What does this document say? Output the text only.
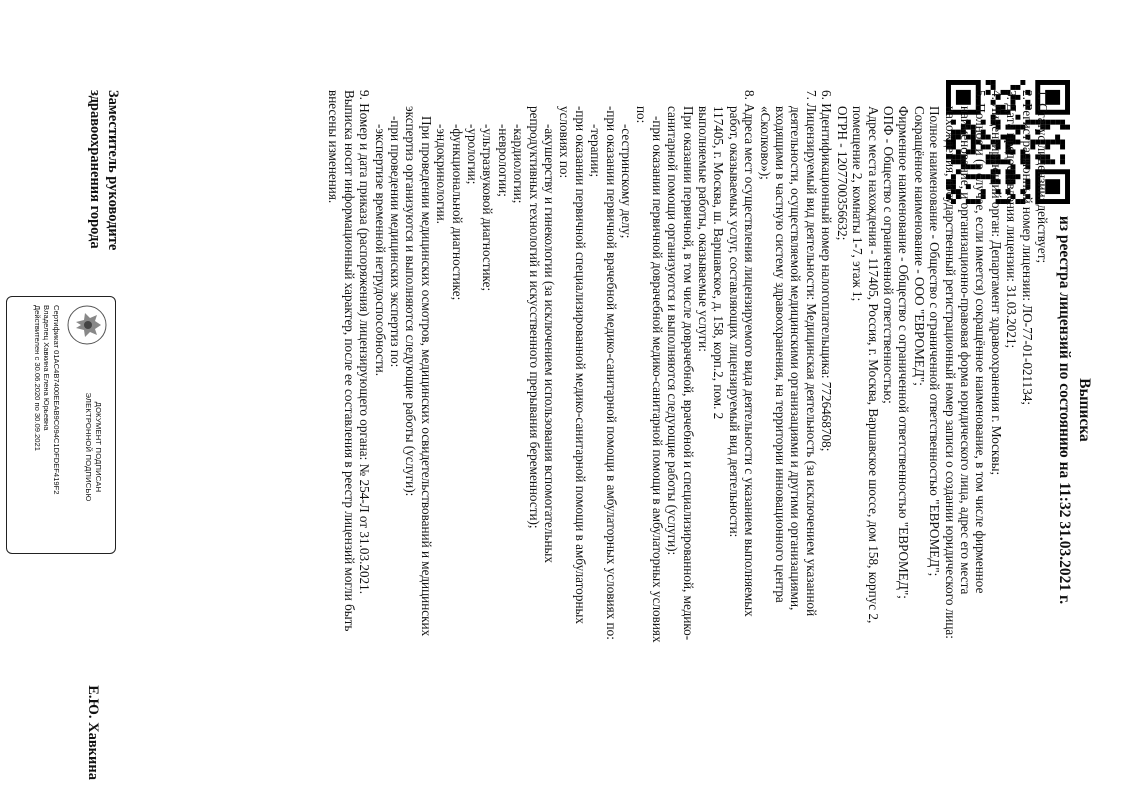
Выписка
из реестра лицензий по состоянию на 11:32 31.03.2021 г.

1. Статус лицензии: действует;

2. Регистрационный номер лицензии: ЛО-77-01-021134;

3. Дата предоставления лицензии: 31.03.2021;

4. Лицензирующий орган: Департамент здравоохранения г. Москвы;

5. Полное и (в случае, если имеется) сокращённое наименование, в том числе фирменное

наименование, и организационно-правовая форма юридического лица, адрес его места

нахождения, государственный регистрационный номер записи о создании юридического лица:

Полное наименование - Общество с ограниченной ответственностью "ЕВРОМЕД";

Сокращённое наименование - ООО "ЕВРОМЕД";

Фирменное наименование - Общество с ограниченной ответственностью "ЕВРОМЕД";

ОПФ - Общество с ограниченной ответственностью;

Адрес места нахождения - 117405, Россия, г. Москва, Варшавское шоссе, дом 158, корпус 2,

помещение 2, комнаты 1-7, этаж 1;

ОГРН - 1207700356632;

6. Идентификационный номер налогоплательщика: 7726468708;

7. Лицензируемый вид деятельности: Медицинская деятельность (за исключением указанной

деятельности, осуществляемой медицинскими организациями и другими организациями,

входящими в частную систему здравоохранения, на территории инновационного центра

«Сколково»);

8. Адреса мест осуществления лицензируемого вида деятельности с указанием выполняемых

работ, оказываемых услуг, составляющих лицензируемый вид деятельности:

117405, г. Москва, ш. Варшавское, д. 158, корп.2, пом. 2

выполняемые работы, оказываемые услуги:

При оказании первичной, в том числе доврачебной, врачебной и специализированной, медико-

санитарной помощи организуются и выполняются следующие работы (услуги):

-при оказании первичной доврачебной медико-санитарной помощи в амбулаторных условиях

по:

-сестринскому делу;

-при оказании первичной врачебной медико-санитарной помощи в амбулаторных условиях по:

-терапии;

-при оказании первичной специализированной медико-санитарной помощи в амбулаторных

условиях по:

-акушерству и гинекологии (за исключением использования вспомогательных

репродуктивных технологий и искусственного прерывания беременности);

-кардиологии;

-неврологии;

-ультразвуковой диагностике;

-урологии;

-функциональной диагностике;

-эндокринологии.

При проведении медицинских осмотров, медицинских освидетельствований и медицинских

экспертиз организуются и выполняются следующие работы (услуги):

-при проведении медицинских экспертиз по:

-экспертизе временной нетрудоспособности.

9. Номер и дата приказа (распоряжения) лицензирующего органа: № 254-Л от 31.03.2021.

Выписка носит информационный характер, после ее составления в реестр лицензий могли быть

внесены изменения.

Заместитель руководите
здравоохранения города
Е.Ю. Хавкина
ДОКУМЕНТ ПОДПИСАН
ЭЛЕКТРОННОЙ ПОДПИСЬЮ
Сертификат 01AC4B7400EEAB9C094C1DFDEF419F2
Владелец Хавкина Елена Юрьевна
Действителен с 30.06.2020 по 30.09.2021
